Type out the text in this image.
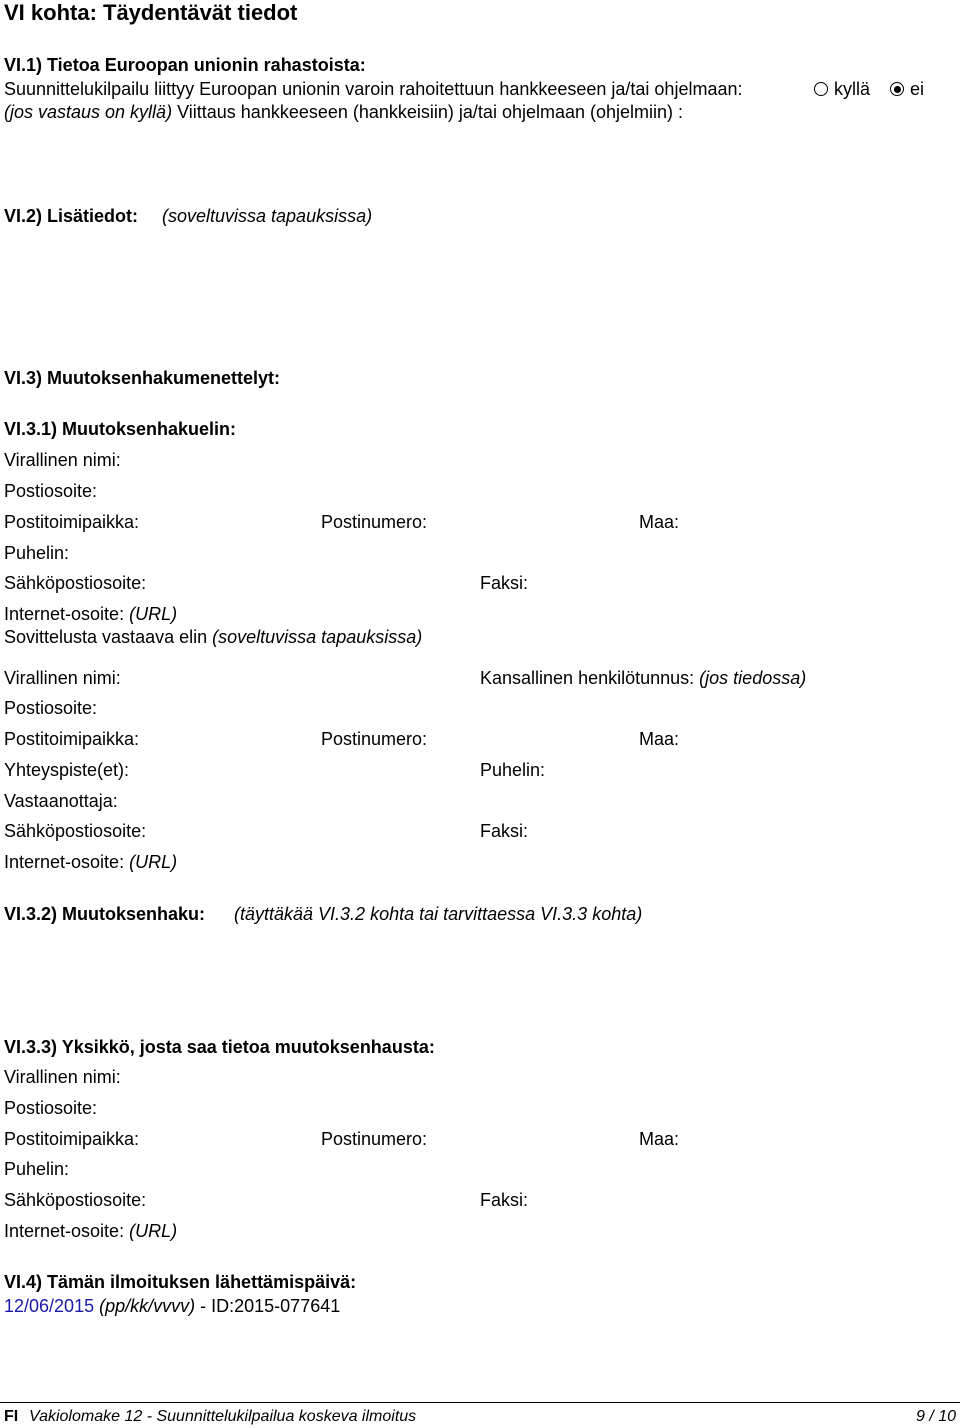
VI kohta: Täydentävät tiedot
VI.1) Tietoa Euroopan unionin rahastoista:
Suunnittelukilpailu liittyy Euroopan unionin varoin rahoitettuun hankkeeseen ja/tai ohjelmaan:	kyllä	ei
(jos vastaus on kyllä) Viittaus hankkeeseen (hankkeisiin) ja/tai ohjelmaan (ohjelmiin) :
VI.2) Lisätiedot: (soveltuvissa tapauksissa)
VI.3) Muutoksenhakumenettelyt:
VI.3.1) Muutoksenhakuelin:
Virallinen nimi:
Postiosoite:
Postitoimipaikka:	Postinumero:	Maa:
Puhelin:
Sähköpostiosoite:	Faksi:
Internet-osoite: (URL)
Sovittelusta vastaava elin (soveltuvissa tapauksissa)
Virallinen nimi:	Kansallinen henkilötunnus: (jos tiedossa)
Postiosoite:
Postitoimipaikka:	Postinumero:	Maa:
Yhteyspiste(et):	Puhelin:
Vastaanottaja:
Sähköpostiosoite:	Faksi:
Internet-osoite: (URL)
VI.3.2) Muutoksenhaku: (täyttäkää VI.3.2 kohta tai tarvittaessa VI.3.3 kohta)
VI.3.3) Yksikkö, josta saa tietoa muutoksenhausta:
Virallinen nimi:
Postiosoite:
Postitoimipaikka:	Postinumero:	Maa:
Puhelin:
Sähköpostiosoite:	Faksi:
Internet-osoite: (URL)
VI.4) Tämän ilmoituksen lähettämispäivä:
12/06/2015 (pp/kk/vvvv) - ID:2015-077641
FI Vakiolomake 12 - Suunnittelukilpailua koskeva ilmoitus	9 / 10
